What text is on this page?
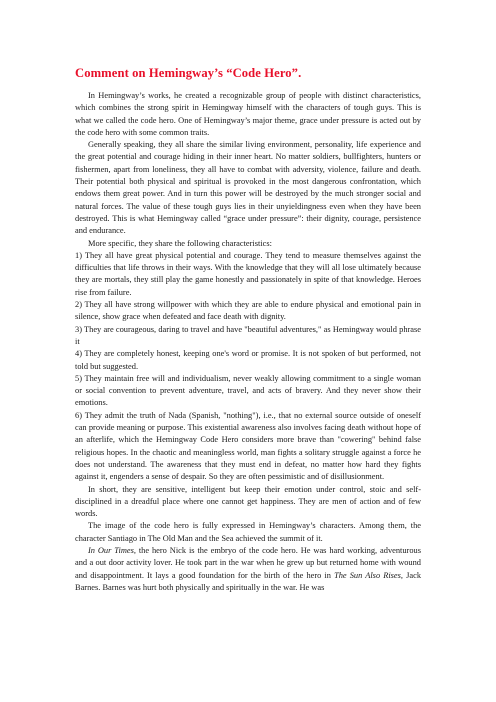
Comment on Hemingway’s “Code Hero”.

In Hemingway’s works, he created a recognizable group of people with distinct characteristics, which combines the strong spirit in Hemingway himself with the characters of tough guys. This is what we called the code hero. One of Hemingway’s major theme, grace under pressure is acted out by the code hero with some common traits.

Generally speaking, they all share the similar living environment, personality, life experience and the great potential and courage hiding in their inner heart. No matter soldiers, bullfighters, hunters or fishermen, apart from loneliness, they all have to combat with adversity, violence, failure and death. Their potential both physical and spiritual is provoked in the most dangerous confrontation, which endows them great power. And in turn this power will be destroyed by the much stronger social and natural forces. The value of these tough guys lies in their unyieldingness even when they have been destroyed. This is what Hemingway called “grace under pressure”: their dignity, courage, persistence and endurance.

More specific, they share the following characteristics:

1) They all have great physical potential and courage. They tend to measure themselves against the difficulties that life throws in their ways. With the knowledge that they will all lose ultimately because they are mortals, they still play the game honestly and passionately in spite of that knowledge. Heroes rise from failure.

2) They all have strong willpower with which they are able to endure physical and emotional pain in silence, show grace when defeated and face death with dignity.

3) They are courageous, daring to travel and have "beautiful adventures," as Hemingway would phrase it

4) They are completely honest, keeping one's word or promise. It is not spoken of but performed, not told but suggested.

5) They maintain free will and individualism, never weakly allowing commitment to a single woman or social convention to prevent adventure, travel, and acts of bravery. And they never show their emotions.

6) They admit the truth of Nada (Spanish, "nothing"), i.e., that no external source outside of oneself can provide meaning or purpose. This existential awareness also involves facing death without hope of an afterlife, which the Hemingway Code Hero considers more brave than "cowering" behind false religious hopes. In the chaotic and meaningless world, man fights a solitary struggle against a force he does not understand. The awareness that they must end in defeat, no matter how hard they fights against it, engenders a sense of despair. So they are often pessimistic and of disillusionment.

In short, they are sensitive, intelligent but keep their emotion under control, stoic and self-disciplined in a dreadful place where one cannot get happiness. They are men of action and of few words.

The image of the code hero is fully expressed in Hemingway’s characters. Among them, the character Santiago in The Old Man and the Sea achieved the summit of it.

In Our Times, the hero Nick is the embryo of the code hero. He was hard working, adventurous and a out door activity lover. He took part in the war when he grew up but returned home with wound and disappointment. It lays a good foundation for the birth of the hero in The Sun Also Rises, Jack Barnes. Barnes was hurt both physically and spiritually in the war. He was
